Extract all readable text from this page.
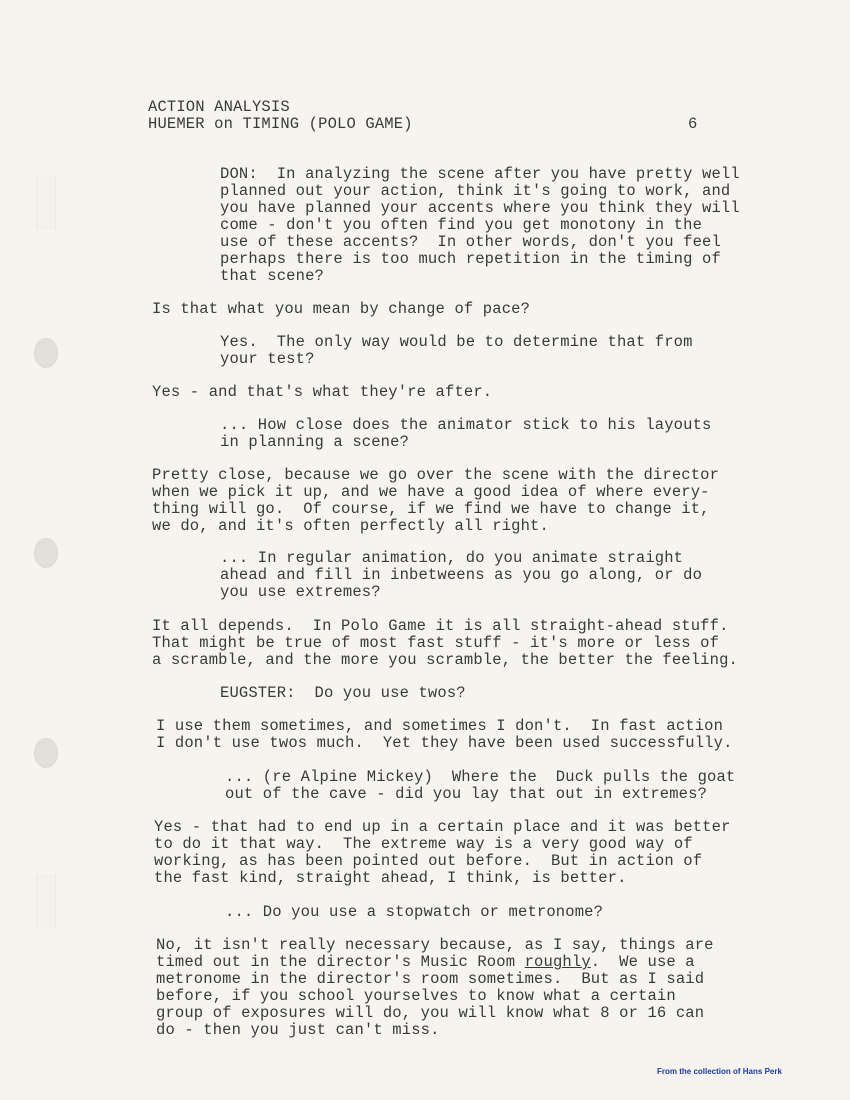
ACTION ANALYSIS
HUEMER on TIMING (POLO GAME)	6
DON:  In analyzing the scene after you have pretty well
planned out your action, think it's going to work, and
you have planned your accents where you think they will
come - don't you often find you get monotony in the
use of these accents?  In other words, don't you feel
perhaps there is too much repetition in the timing of
that scene?
Is that what you mean by change of pace?
Yes.  The only way would be to determine that from
your test?
Yes - and that's what they're after.
... How close does the animator stick to his layouts
in planning a scene?
Pretty close, because we go over the scene with the director
when we pick it up, and we have a good idea of where every-
thing will go.  Of course, if we find we have to change it,
we do, and it's often perfectly all right.
... In regular animation, do you animate straight
ahead and fill in inbetweens as you go along, or do
you use extremes?
It all depends.  In Polo Game it is all straight-ahead stuff.
That might be true of most fast stuff - it's more or less of
a scramble, and the more you scramble, the better the feeling.
EUGSTER:  Do you use twos?
I use them sometimes, and sometimes I don't.  In fast action
I don't use twos much.  Yet they have been used successfully.
... (re Alpine Mickey)  Where the  Duck pulls the goat
out of the cave - did you lay that out in extremes?
Yes - that had to end up in a certain place and it was better
to do it that way.  The extreme way is a very good way of
working, as has been pointed out before.  But in action of
the fast kind, straight ahead, I think, is better.
... Do you use a stopwatch or metronome?
No, it isn't really necessary because, as I say, things are
timed out in the director's Music Room roughly.  We use a
metronome in the director's room sometimes.  But as I said
before, if you school yourselves to know what a certain
group of exposures will do, you will know what 8 or 16 can
do - then you just can't miss.
From the collection of Hans Perk
